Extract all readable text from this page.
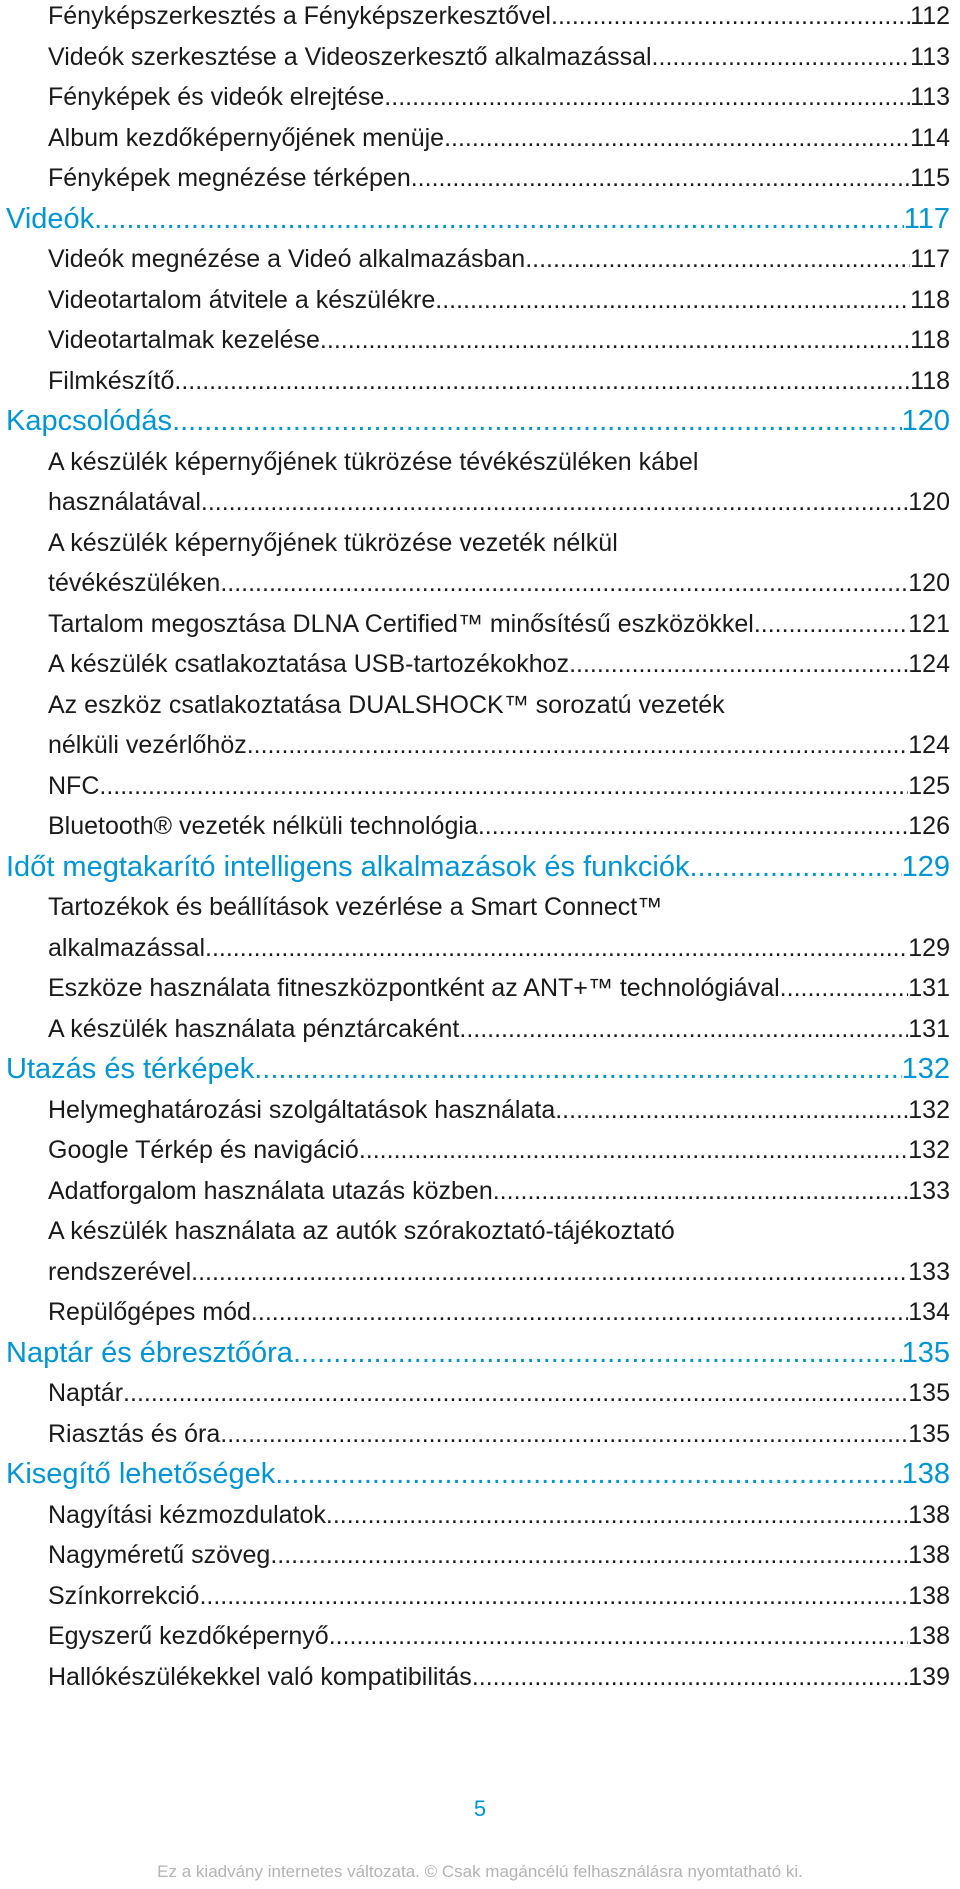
Fényképszerkesztés a Fényképszerkesztővel .....	112
Videók szerkesztése a Videoszerkesztő alkalmazással .....	113
Fényképek és videók elrejtése .....	113
Album kezdőképernyőjének menüje .....	114
Fényképek megnézése térképen .....	115
Videók .....	117
Videók megnézése a Videó alkalmazásban .....	117
Videotartalom átvitele a készülékre .....	118
Videotartalmak kezelése .....	118
Filmkészítő .....	118
Kapcsolódás .....	120
A készülék képernyőjének tükrözése tévékészüléken kábel
használatával .....	120
A készülék képernyőjének tükrözése vezeték nélkül
tévékészüléken .....	120
Tartalom megosztása DLNA Certified™ minősítésű eszközökkel .....	121
A készülék csatlakoztatása USB-tartozékokhoz .....	124
Az eszköz csatlakoztatása DUALSHOCK™ sorozatú vezeték
nélküli vezérlőhöz .....	124
NFC .....	125
Bluetooth® vezeték nélküli technológia .....	126
Időt megtakarító intelligens alkalmazások és funkciók .....	129
Tartozékok és beállítások vezérlése a Smart Connect™
alkalmazással .....	129
Eszköze használata fitneszközpontként az ANT+™ technológiával .....	131
A készülék használata pénztárcaként .....	131
Utazás és térképek .....	132
Helymeghatározási szolgáltatások használata .....	132
Google Térkép és navigáció .....	132
Adatforgalom használata utazás közben .....	133
A készülék használata az autók szórakoztató-tájékoztató
rendszerével .....	133
Repülőgépes mód .....	134
Naptár és ébresztőóra .....	135
Naptár .....	135
Riasztás és óra .....	135
Kisegítő lehetőségek .....	138
Nagyítási kézmozdulatok .....	138
Nagyméretű szöveg .....	138
Színkorrekció .....	138
Egyszerű kezdőképernyő .....	138
Hallókészülékekkel való kompatibilitás .....	139
5
Ez a kiadvány internetes változata. © Csak magáncélú felhasználásra nyomtatható ki.
